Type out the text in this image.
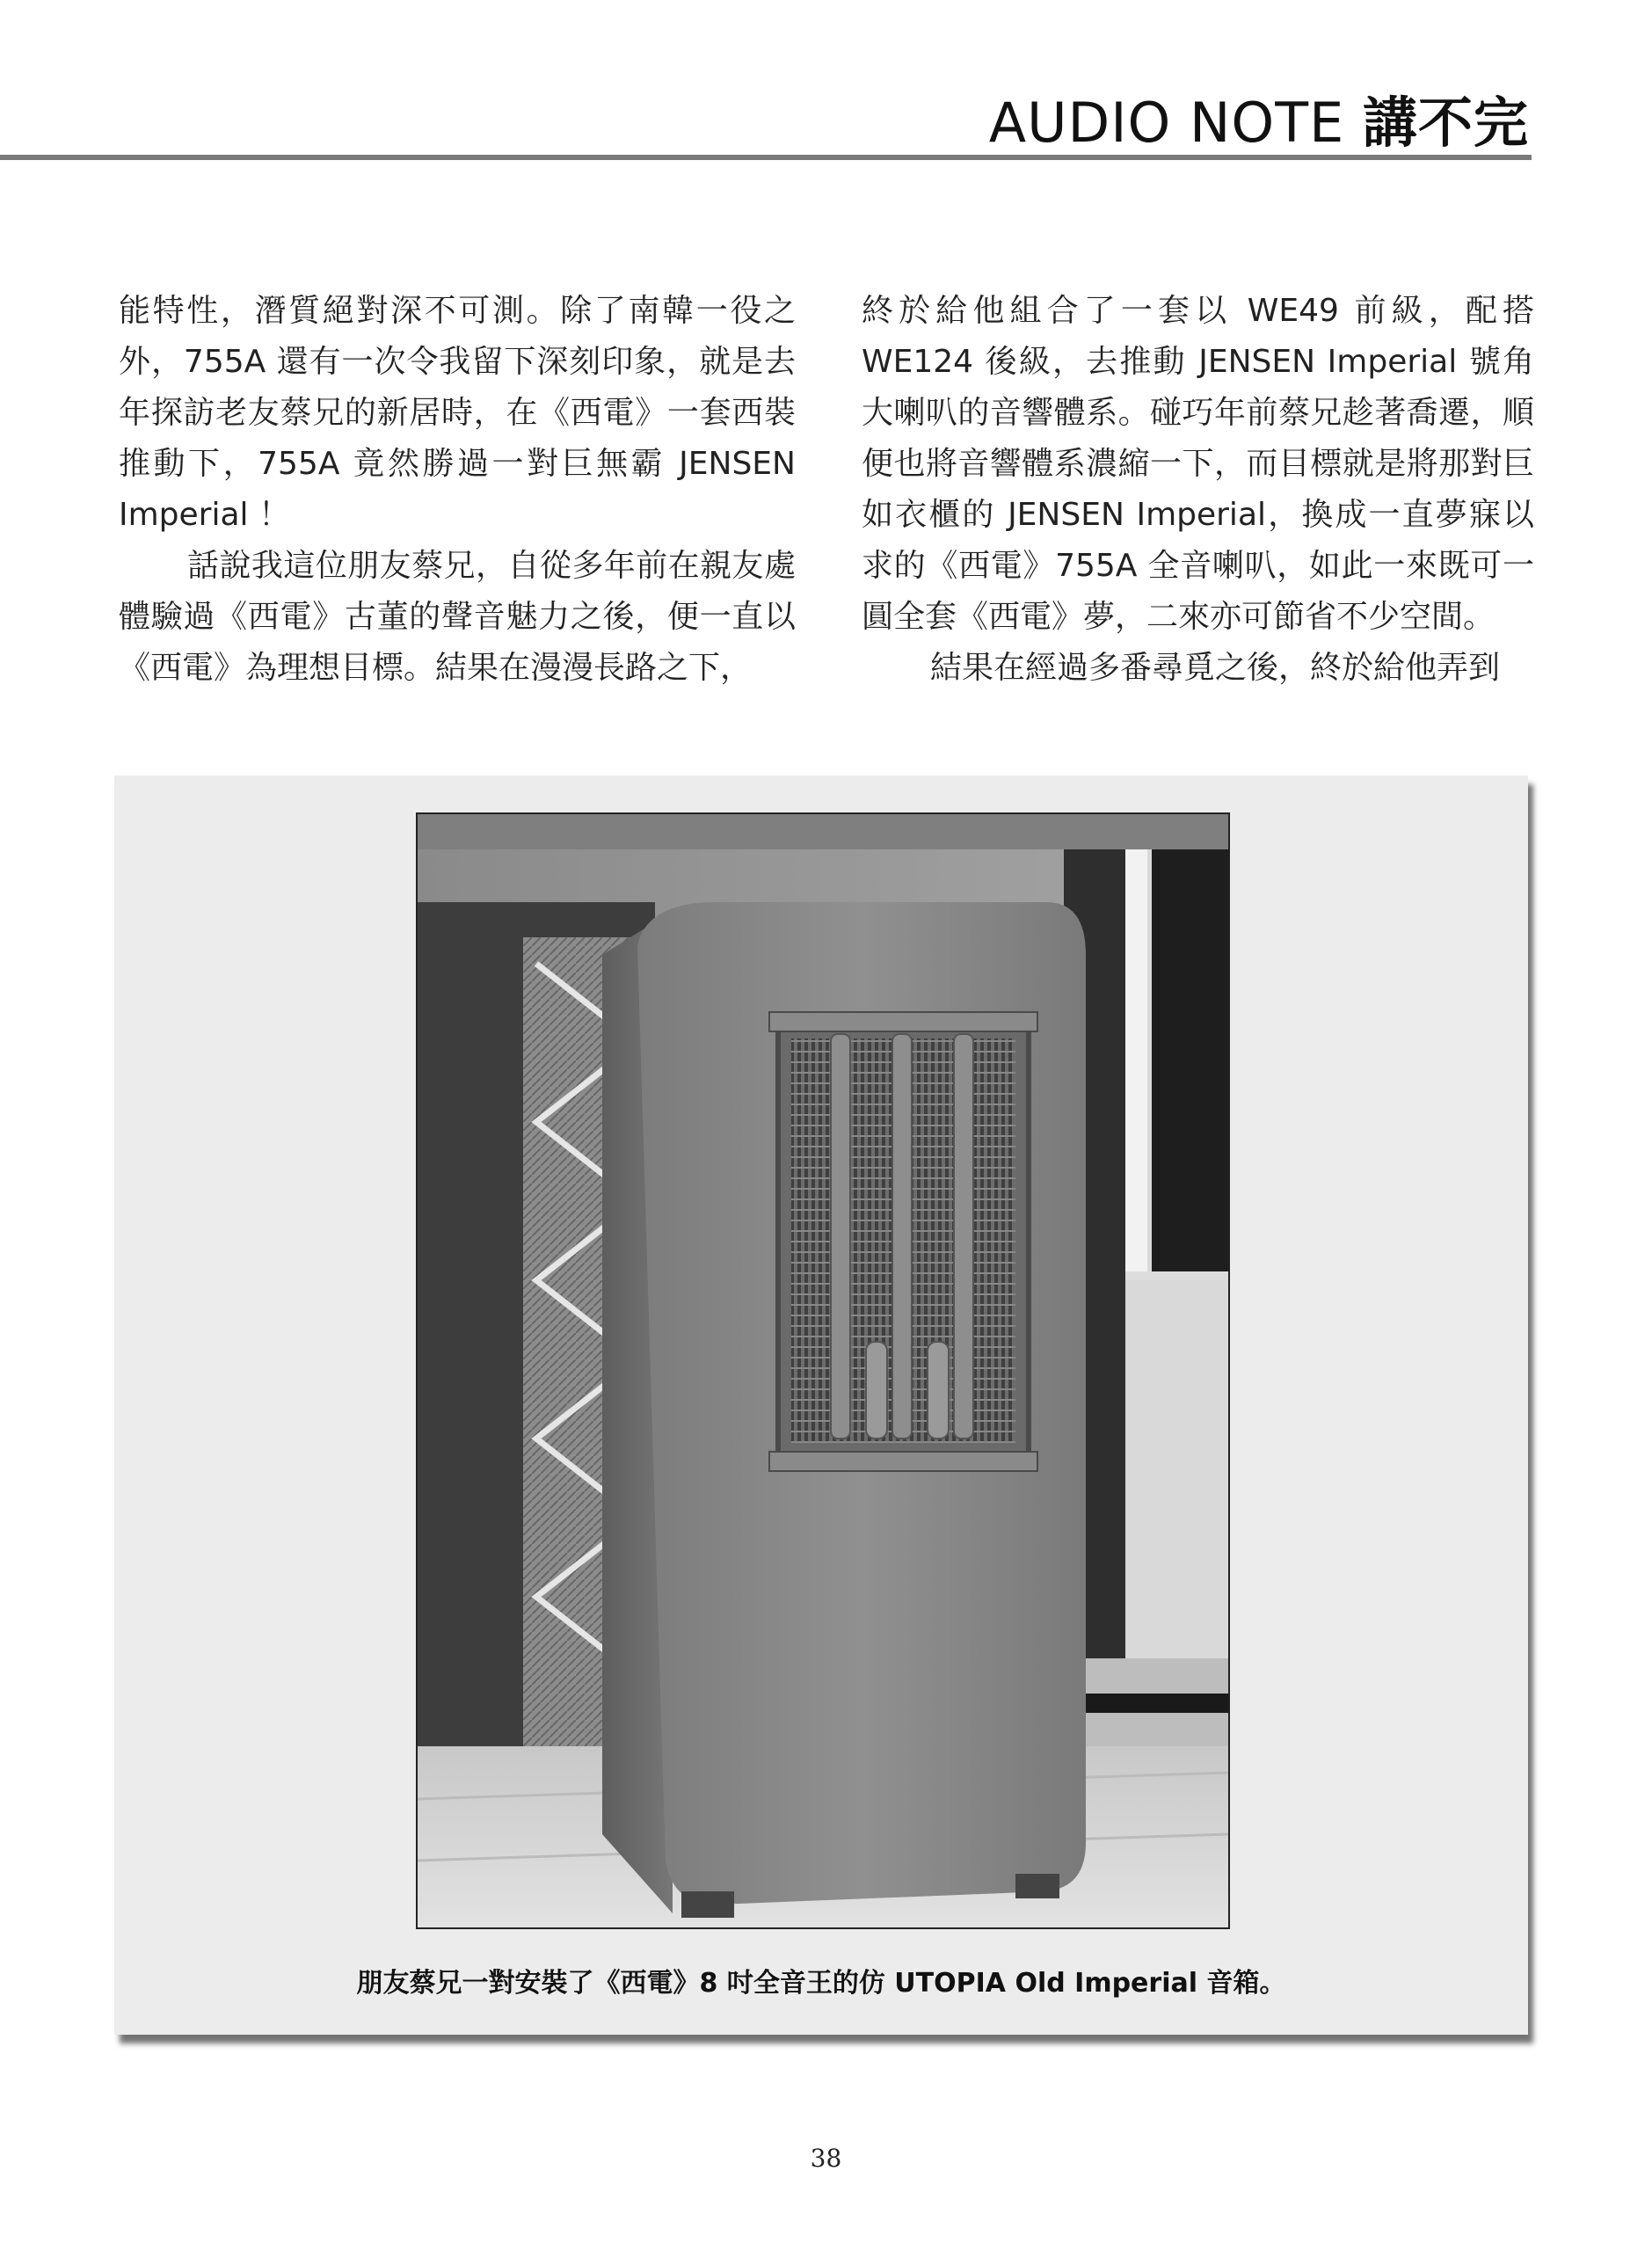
AUDIO NOTE 講不完

能特性，潛質絕對深不可測。除了南韓一役之外，755A 還有一次令我留下深刻印象，就是去年探訪老友蔡兄的新居時，在《西電》一套西裝推動下，755A 竟然勝過一對巨無霸 JENSEN Imperial ！

話說我這位朋友蔡兄，自從多年前在親友處體驗過《西電》古董的聲音魅力之後，便一直以《西電》為理想目標。結果在漫漫長路之下，

終於給他組合了一套以 WE49 前級，配搭 WE124 後級，去推動 JENSEN Imperial 號角大喇叭的音響體系。碰巧年前蔡兄趁著喬遷，順便也將音響體系濃縮一下，而目標就是將那對巨如衣櫃的 JENSEN Imperial，換成一直夢寐以求的《西電》755A 全音喇叭，如此一來既可一圓全套《西電》夢，二來亦可節省不少空間。

結果在經過多番尋覓之後，終於給他弄到

朋友蔡兄一對安裝了《西電》8 吋全音王的仿 UTOPIA Old Imperial 音箱。
38
